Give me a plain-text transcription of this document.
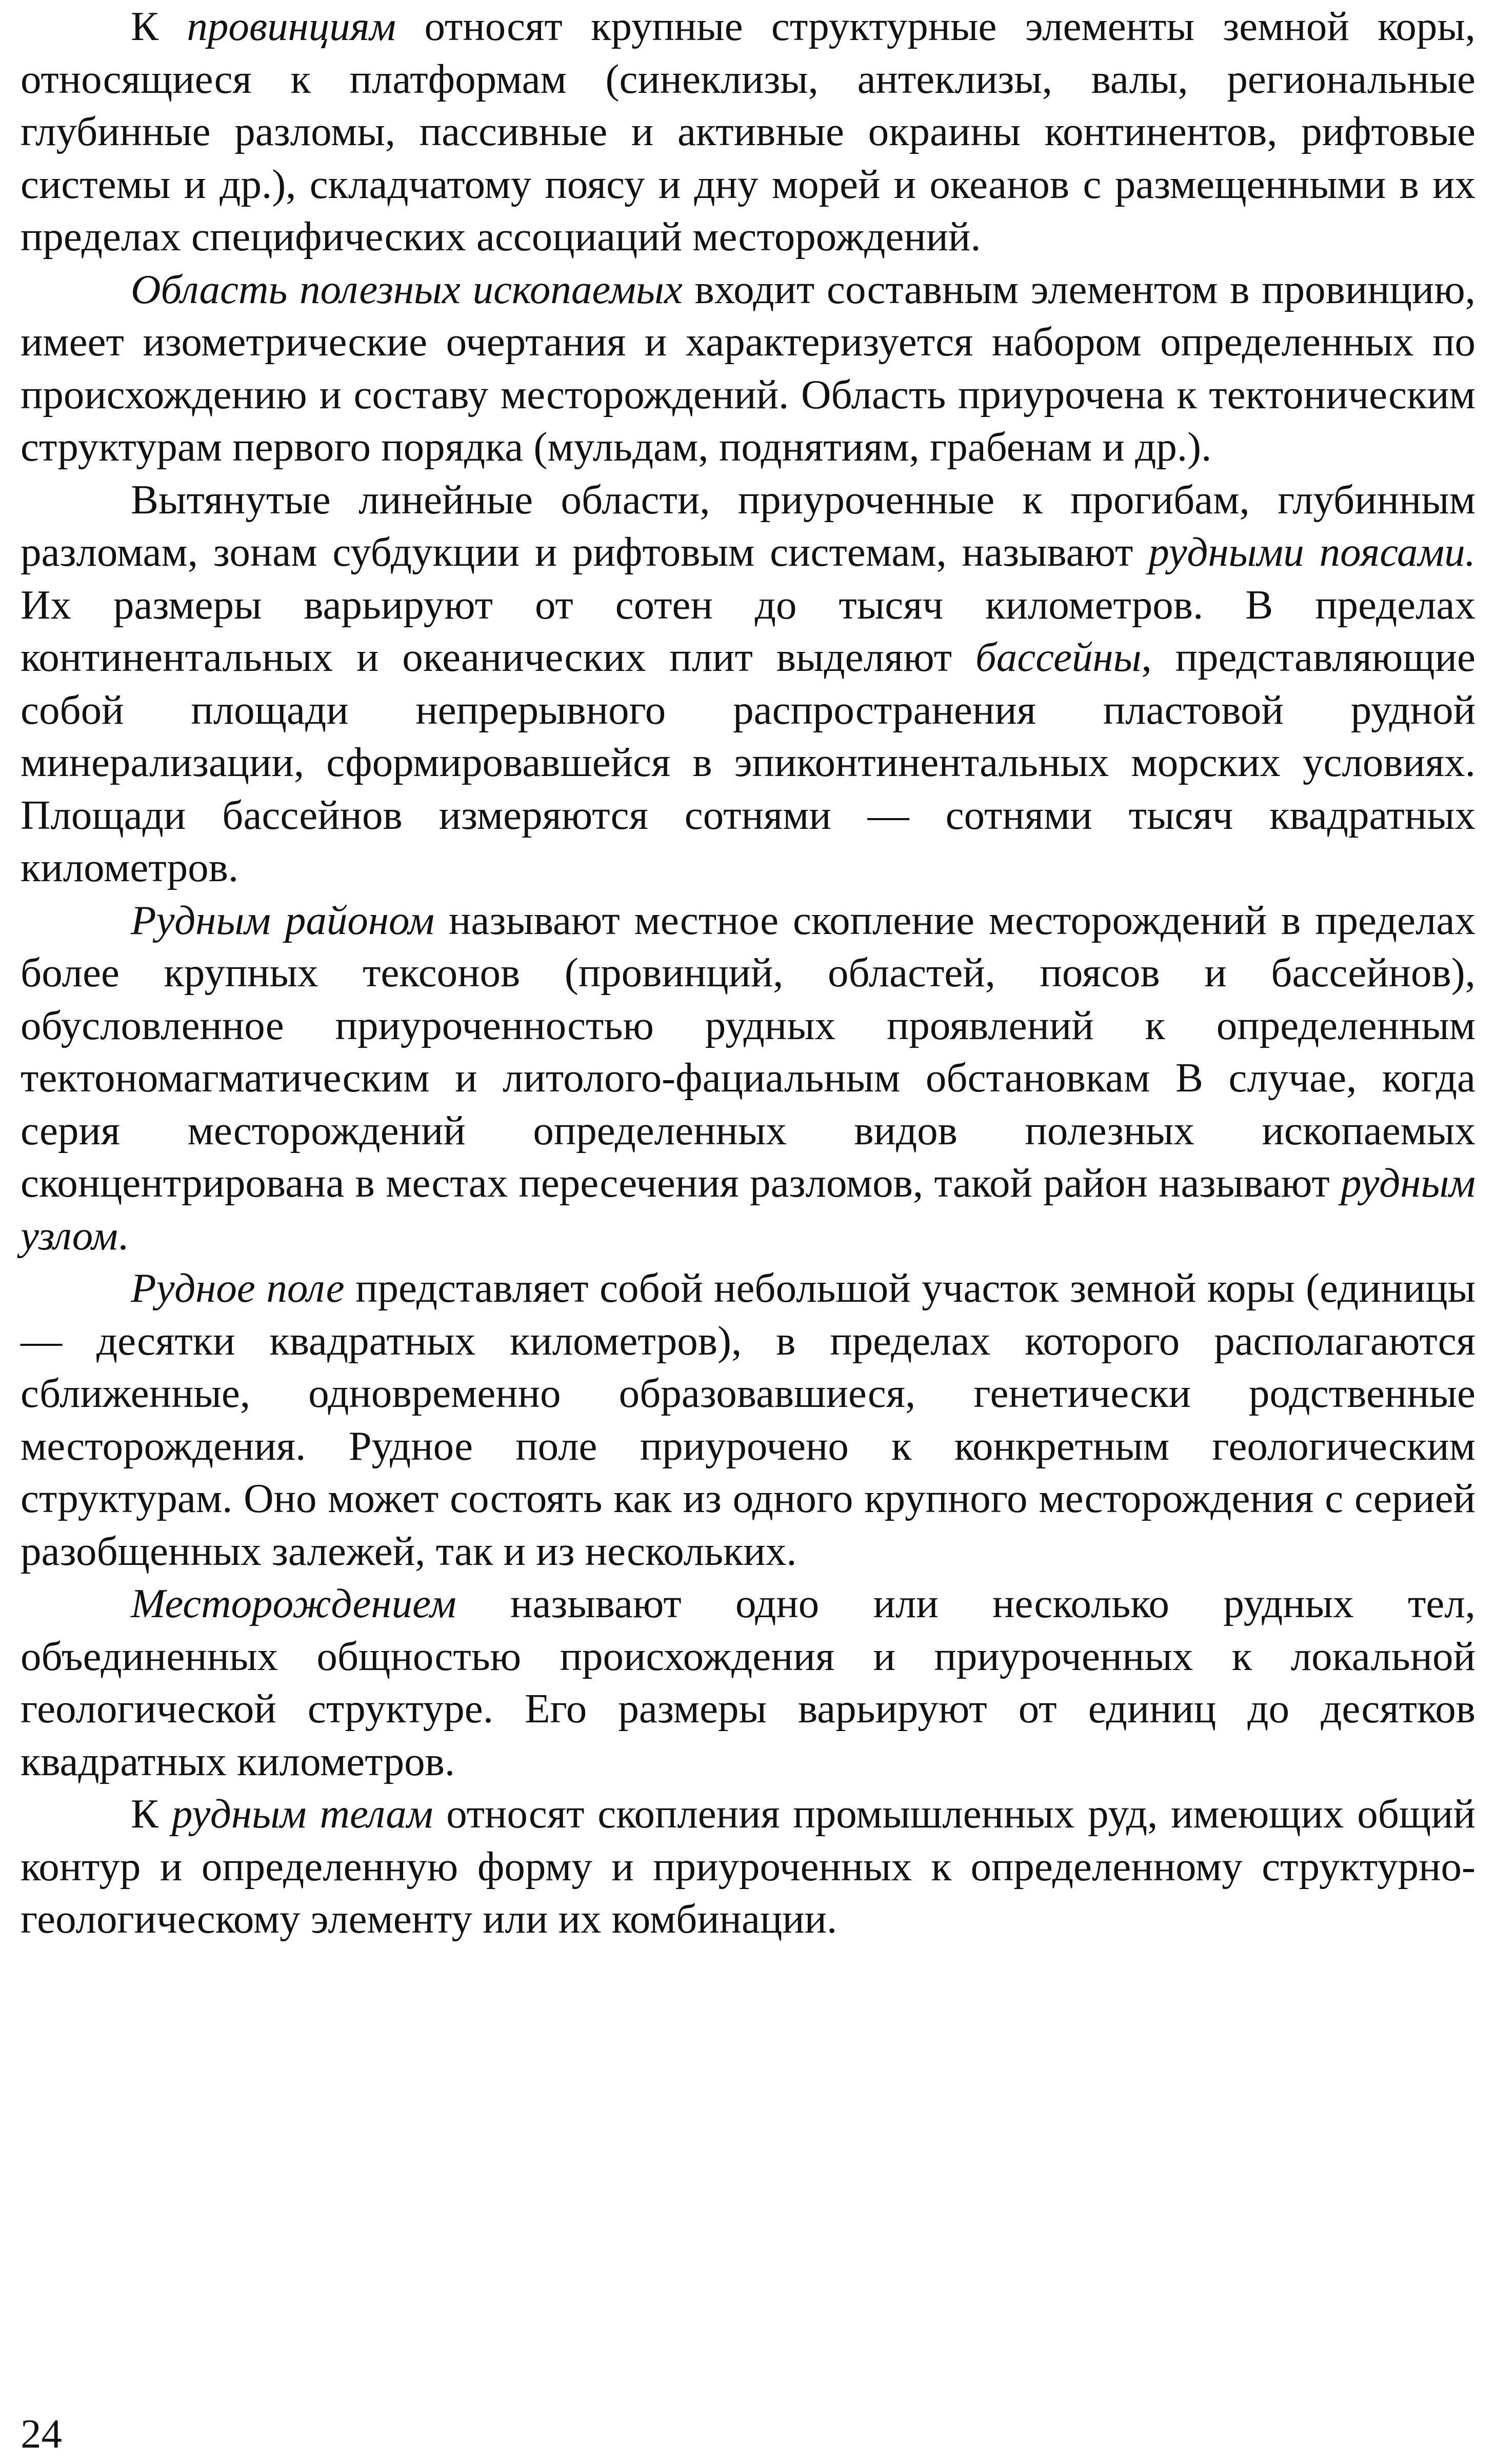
К провинциям относят крупные структурные элементы земной коры, относящиеся к платформам (синеклизы, антеклизы, валы, региональные глубинные разломы, пассивные и активные окраины континентов, рифтовые системы и др.), складчатому поясу и дну морей и океанов с размещенными в их пределах специфических ассоциаций месторождений.

Область полезных ископаемых входит составным элементом в провинцию, имеет изометрические очертания и характеризуется набором определенных по происхождению и составу месторождений. Область приурочена к тектоническим структурам первого порядка (мульдам, поднятиям, грабенам и др.).

Вытянутые линейные области, приуроченные к прогибам, глубинным разломам, зонам субдукции и рифтовым системам, называют рудными поясами. Их размеры варьируют от сотен до тысяч километров. В пределах континентальных и океанических плит выделяют бассейны, представляющие собой площади непрерывного распространения пластовой рудной минерализации, сформировавшейся в эпиконтинентальных морских условиях. Площади бассейнов измеряются сотнями — сотнями тысяч квадратных километров.

Рудным районом называют местное скопление месторождений в пределах более крупных тексонов (провинций, областей, поясов и бассейнов), обусловленное приуроченностью рудных проявлений к определенным тектономагматическим и литолого-фациальным обстановкам В случае, когда серия месторождений определенных видов полезных ископаемых сконцентрирована в местах пересечения разломов, такой район называют рудным узлом.

Рудное поле представляет собой небольшой участок земной коры (единицы — десятки квадратных километров), в пределах которого располагаются сближенные, одновременно образовавшиеся, генетически родственные месторождения. Рудное поле приурочено к конкретным геологическим структурам. Оно может состоять как из одного крупного месторождения с серией разобщенных залежей, так и из нескольких.

Месторождением называют одно или несколько рудных тел, объединенных общностью происхождения и приуроченных к локальной геологической структуре. Его размеры варьируют от единиц до десятков квадратных километров.

К рудным телам относят скопления промышленных руд, имеющих общий контур и определенную форму и приуроченных к определенному структурно-геологическому элементу или их комбинации.

24
